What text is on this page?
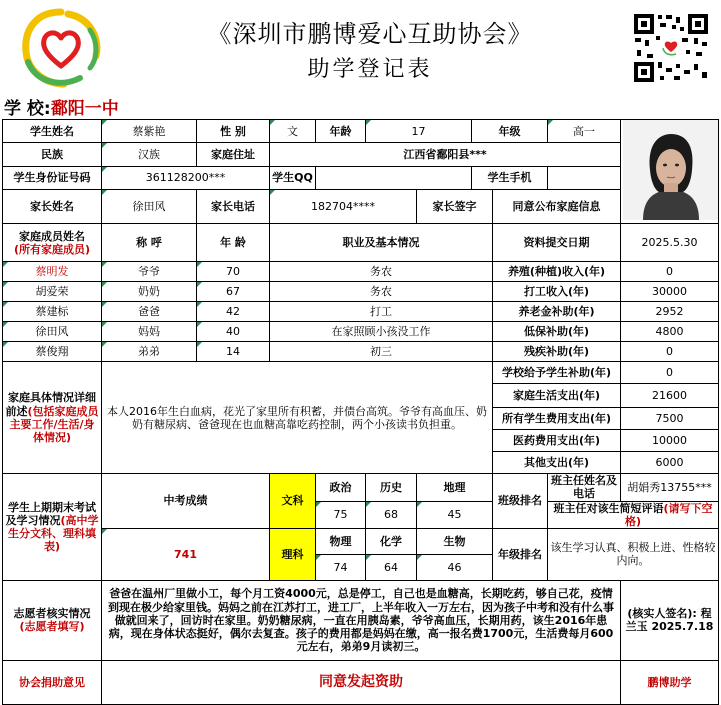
《深圳市鹏博爱心互助协会》
助学登记表
学 校:鄱阳一中
学生姓名	蔡紫艳	性 别	文	年龄	17		年级		高一	
民族	汉族	家庭住址	江西省鄱阳县***							
学生身份证号码	361128200***		学生QQ				学生手机			
家长姓名	徐田风	家长电话	182704****			家长签字		同意公布家庭信息		

家庭成员姓名
(所有家庭成员)	称 呼	年 龄	职业及基本情况					资料提交日期		2025.5.30
蔡明发	爷爷	70	务农					养殖(种植)收入(年)		0
胡爱荣	奶奶	67	务农					打工收入(年)		30000
蔡建标	爸爸	42	打工					养老金补助(年)		2952
徐田风	妈妈	40	在家照顾小孩没工作					低保补助(年)		4800
蔡俊翔	弟弟	14	初三					残疾补助(年)		0
家庭具体情况详细前述(包括家庭成员主要工作/生活/身体情况)	本人2016年生白血病，花光了家里所有积蓄，并债台高筑。爷爷有高血压、奶奶有糖尿病、爸爸现在也血糖高靠吃药控制，两个小孩读书负担重。							学校给予学生补助(年)		0
								家庭生活支出(年)		21600
								所有学生费用支出(年)		7500
								医药费用支出(年)		10000
								其他支出(年)		6000
学生上期期末考试及学习情况(高中学生分文科、理科填表)	中考成绩		文科	政治	历史	地理		班级排名	班主任姓名及电话	胡娟秀13755***
				75	68	45			班主任对该生简短评语(请写下空格)	
	741		理科	物理	化学	生物		年级排名	该生学习认真、积极上进、性格较内向。	
				74	64	46				

志愿者核实情况
(志愿者填写)	爸爸在温州厂里做小工，每个月工资4000元，总是停工，自己也是血糖高，长期吃药，够自己花，疫情到现在极少给家里钱。妈妈之前在江苏打工，进工厂，上半年收入一万左右，因为孩子中考和没有什么事做就回来了，回访时在家里。奶奶糖尿病，一直在用胰岛素，爷爷高血压，长期用药，该生2016年患病，现在身体状态挺好，偶尔去复查。孩子的费用都是妈妈在缴，高一报名费1700元，生活费每月600元左右，弟弟9月读初三。									(核实人签名): 程兰玉 2025.7.18
协会捐助意见	同意发起资助									鹏博助学
